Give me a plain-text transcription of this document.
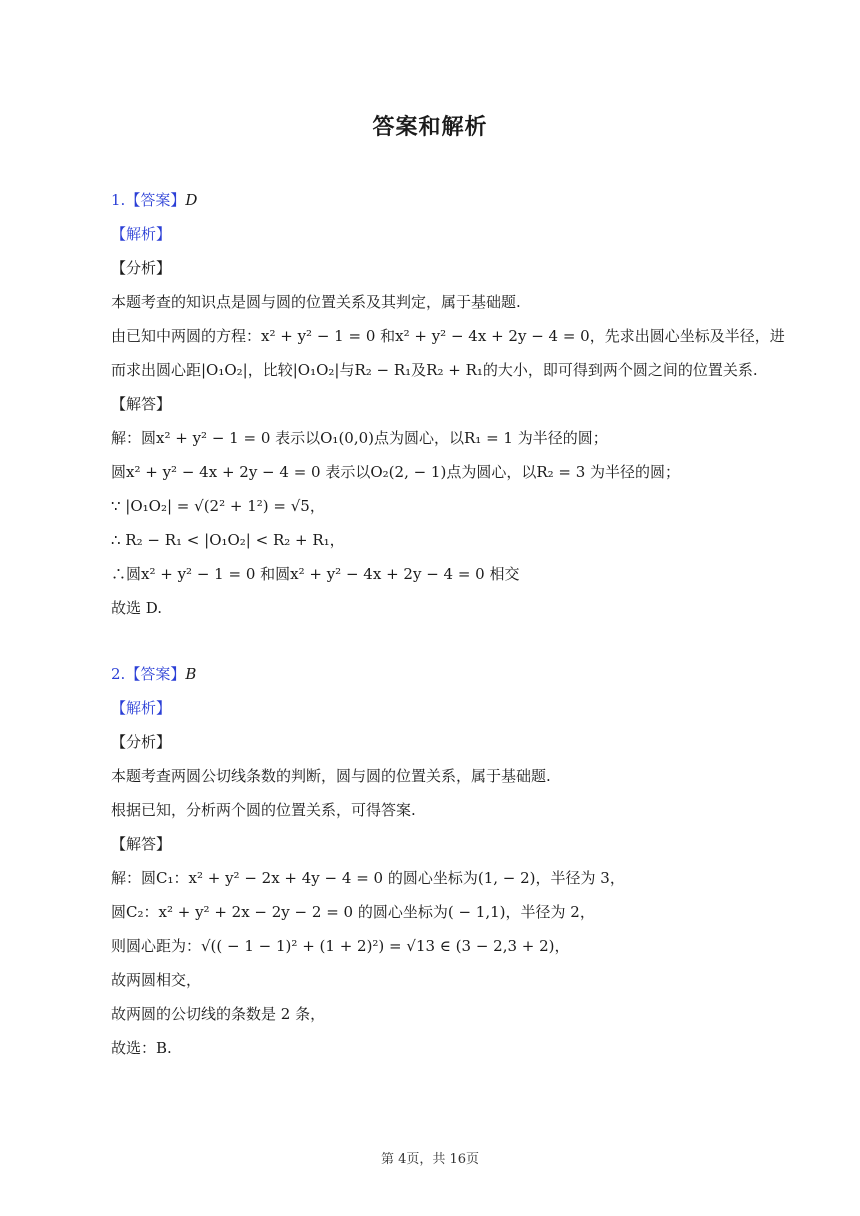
答案和解析
1.【答案】D
【解析】
【分析】
本题考查的知识点是圆与圆的位置关系及其判定，属于基础题.
由已知中两圆的方程：x² + y² − 1 = 0 和x² + y² − 4x + 2y − 4 = 0，先求出圆心坐标及半径，进
而求出圆心距|O₁O₂|，比较|O₁O₂|与R₂ − R₁及R₂ + R₁的大小，即可得到两个圆之间的位置关系.
【解答】
解：圆x² + y² − 1 = 0 表示以O₁(0,0)点为圆心，以R₁ = 1 为半径的圆；
圆x² + y² − 4x + 2y − 4 = 0 表示以O₂(2, − 1)点为圆心，以R₂ = 3 为半径的圆；
∵ |O₁O₂| = √(2² + 1²) = √5，
∴ R₂ − R₁ < |O₁O₂| < R₂ + R₁，
∴圆x² + y² − 1 = 0 和圆x² + y² − 4x + 2y − 4 = 0 相交
故选 D.
2.【答案】B
【解析】
【分析】
本题考查两圆公切线条数的判断，圆与圆的位置关系，属于基础题.
根据已知，分析两个圆的位置关系，可得答案.
【解答】
解：圆C₁：x² + y² − 2x + 4y − 4 = 0 的圆心坐标为(1, − 2)，半径为 3，
圆C₂：x² + y² + 2x − 2y − 2 = 0 的圆心坐标为( − 1,1)，半径为 2，
则圆心距为：√(( − 1 − 1)² + (1 + 2)²) = √13 ∈ (3 − 2,3 + 2)，
故两圆相交，
故两圆的公切线的条数是 2 条，
故选：B.
第 4页，共 16页
